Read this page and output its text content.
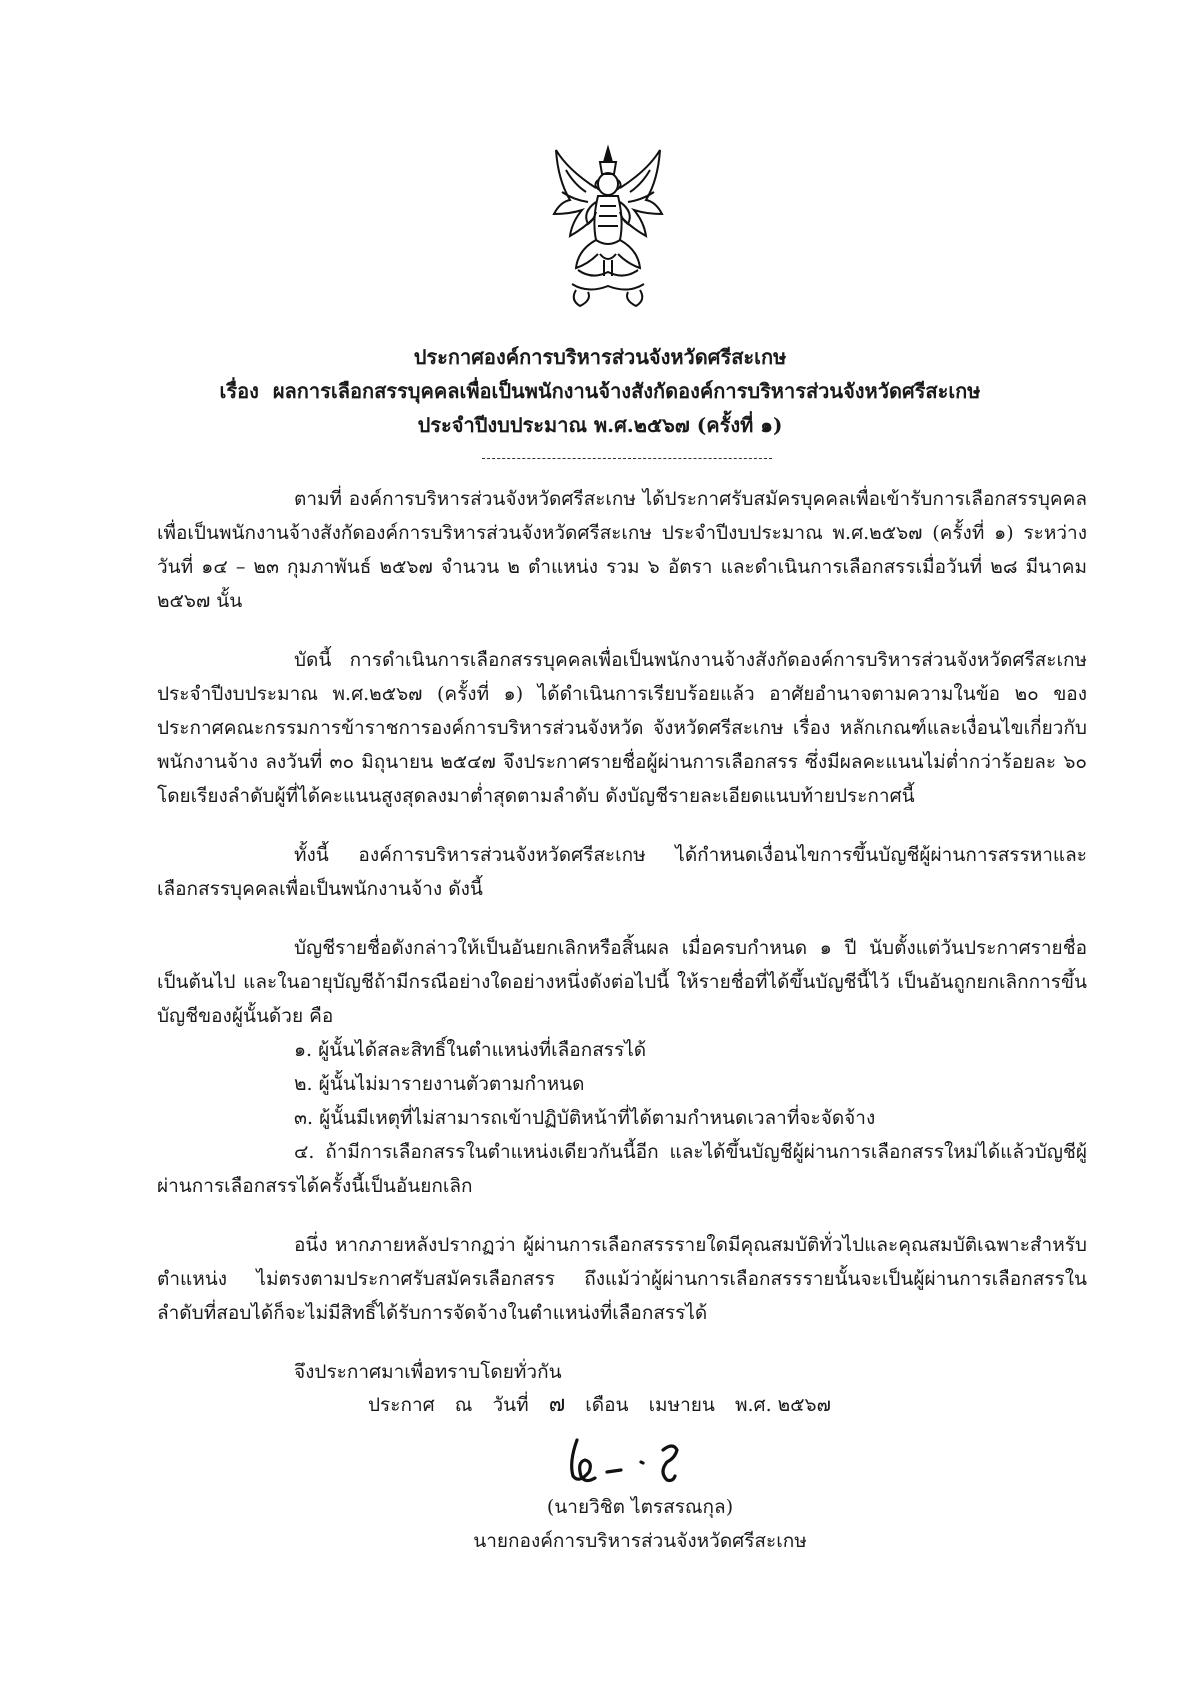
ประกาศองค์การบริหารส่วนจังหวัดศรีสะเกษ
เรื่อง ผลการเลือกสรรบุคคลเพื่อเป็นพนักงานจ้างสังกัดองค์การบริหารส่วนจังหวัดศรีสะเกษ
ประจำปีงบประมาณ พ.ศ.๒๕๖๗ (ครั้งที่ ๑)

ตามที่ องค์การบริหารส่วนจังหวัดศรีสะเกษ ได้ประกาศรับสมัครบุคคลเพื่อเข้ารับการเลือกสรรบุคคลเพื่อเป็นพนักงานจ้างสังกัดองค์การบริหารส่วนจังหวัดศรีสะเกษ ประจำปีงบประมาณ พ.ศ.๒๕๖๗ (ครั้งที่ ๑) ระหว่างวันที่ ๑๔ – ๒๓ กุมภาพันธ์ ๒๕๖๗ จำนวน ๒ ตำแหน่ง รวม ๖ อัตรา และดำเนินการเลือกสรรเมื่อวันที่ ๒๘ มีนาคม ๒๕๖๗ นั้น

บัดนี้ การดำเนินการเลือกสรรบุคคลเพื่อเป็นพนักงานจ้างสังกัดองค์การบริหารส่วนจังหวัดศรีสะเกษ ประจำปีงบประมาณ พ.ศ.๒๕๖๗ (ครั้งที่ ๑) ได้ดำเนินการเรียบร้อยแล้ว อาศัยอำนาจตามความในข้อ ๒๐ ของประกาศคณะกรรมการข้าราชการองค์การบริหารส่วนจังหวัด จังหวัดศรีสะเกษ เรื่อง หลักเกณฑ์และเงื่อนไขเกี่ยวกับพนักงานจ้าง ลงวันที่ ๓๐ มิถุนายน ๒๕๔๗ จึงประกาศรายชื่อผู้ผ่านการเลือกสรร ซึ่งมีผลคะแนนไม่ต่ำกว่าร้อยละ ๖๐ โดยเรียงลำดับผู้ที่ได้คะแนนสูงสุดลงมาต่ำสุดตามลำดับ ดังบัญชีรายละเอียดแนบท้ายประกาศนี้

ทั้งนี้ องค์การบริหารส่วนจังหวัดศรีสะเกษ ได้กำหนดเงื่อนไขการขึ้นบัญชีผู้ผ่านการสรรหาและเลือกสรรบุคคลเพื่อเป็นพนักงานจ้าง ดังนี้

บัญชีรายชื่อดังกล่าวให้เป็นอันยกเลิกหรือสิ้นผล เมื่อครบกำหนด ๑ ปี นับตั้งแต่วันประกาศรายชื่อเป็นต้นไป และในอายุบัญชีถ้ามีกรณีอย่างใดอย่างหนึ่งดังต่อไปนี้ ให้รายชื่อที่ได้ขึ้นบัญชีนี้ไว้ เป็นอันถูกยกเลิกการขึ้นบัญชีของผู้นั้นด้วย คือ

๑. ผู้นั้นได้สละสิทธิ์ในตำแหน่งที่เลือกสรรได้

๒. ผู้นั้นไม่มารายงานตัวตามกำหนด

๓. ผู้นั้นมีเหตุที่ไม่สามารถเข้าปฏิบัติหน้าที่ได้ตามกำหนดเวลาที่จะจัดจ้าง

๔. ถ้ามีการเลือกสรรในตำแหน่งเดียวกันนี้อีก และได้ขึ้นบัญชีผู้ผ่านการเลือกสรรใหม่ได้แล้วบัญชีผู้ผ่านการเลือกสรรได้ครั้งนี้เป็นอันยกเลิก

อนึ่ง หากภายหลังปรากฏว่า ผู้ผ่านการเลือกสรรรายใดมีคุณสมบัติทั่วไปและคุณสมบัติเฉพาะสำหรับตำแหน่ง ไม่ตรงตามประกาศรับสมัครเลือกสรร ถึงแม้ว่าผู้ผ่านการเลือกสรรรายนั้นจะเป็นผู้ผ่านการเลือกสรรในลำดับที่สอบได้ก็จะไม่มีสิทธิ์ได้รับการจัดจ้างในตำแหน่งที่เลือกสรรได้

จึงประกาศมาเพื่อทราบโดยทั่วกัน

ประกาศ ณ วันที่ ๗ เดือน เมษายน พ.ศ. ๒๕๖๗
(นายวิชิต ไตรสรณกุล)
นายกองค์การบริหารส่วนจังหวัดศรีสะเกษ
